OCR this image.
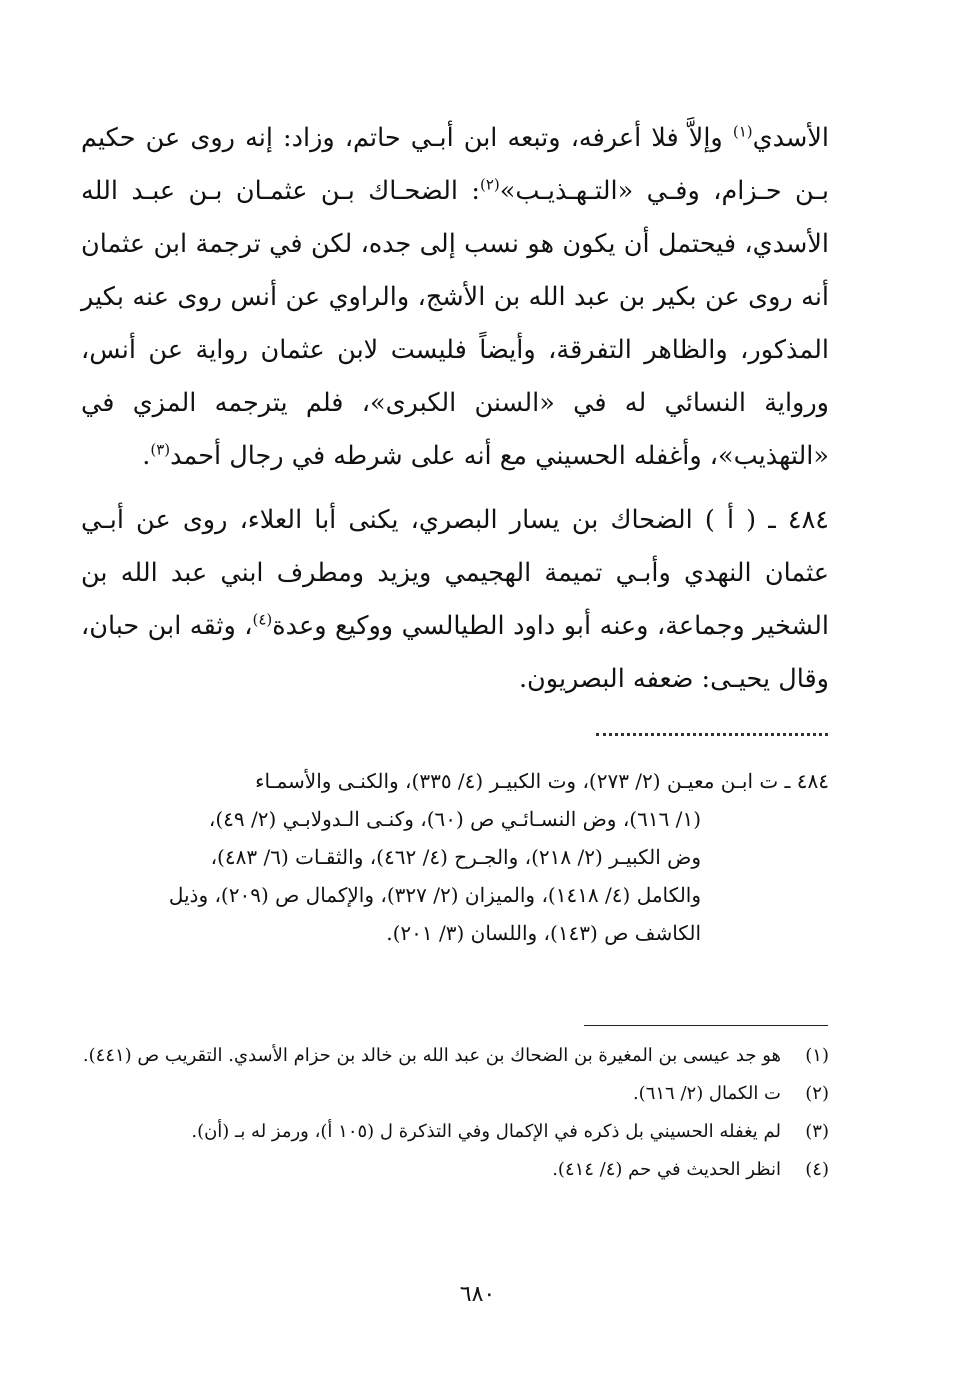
الأسدي$^{(١)}$ وإلاَّ فلا أعرفه، وتبعه ابن أبـي حاتم، وزاد: إنه روى عن حكيم بـن حـزام، وفـي «التـهـذيـب»$^{(٢)}$: الضحـاك بـن عثمـان بـن عبـد الله الأسدي، فيحتمل أن يكون هو نسب إلى جده، لكن في ترجمة ابن عثمان أنه روى عن بكير بن عبد الله بن الأشج، والراوي عن أنس روى عنه بكير المذكور، والظاهر التفرقة، وأيضاً فليست لابن عثمان رواية عن أنس، ورواية النسائي له في «السنن الكبرى»، فلم يترجمه المزي في «التهذيب»، وأغفله الحسيني مع أنه على شرطه في رجال أحمد$^{(٣)}$.

٤٨٤ ـ ( أ ) الضحاك بن يسار البصري، يكنى أبا العلاء، روى عن أبـي عثمان النهدي وأبـي تميمة الهجيمي ويزيد ومطرف ابني عبد الله بن الشخير وجماعة، وعنه أبو داود الطيالسي ووكيع وعدة$^{(٤)}$، وثقه ابن حبان، وقال يحيـى: ضعفه البصريون.

٤٨٤ ـ ت ابـن معيـن (٢/ ٢٧٣)، وت الكبيـر (٤/ ٣٣٥)، والكنـى والأسمـاء
(١/ ٦١٦)، وض النسـائـي ص (٦٠)، وكنـى الـدولابـي (٢/ ٤٩)،
وض الكبيـر (٢/ ٢١٨)، والجـرح (٤/ ٤٦٢)، والثقـات (٦/ ٤٨٣)،
والكامل (٤/ ١٤١٨)، والميزان (٢/ ٣٢٧)، والإكمال ص (٢٠٩)، وذيل
الكاشف ص (١٤٣)، واللسان (٣/ ٢٠١).
(١)
هو جد عيسى بن المغيرة بن الضحاك بن عبد الله بن خالد بن حزام الأسدي. التقريب ص (٤٤١).
(٢)
ت الكمال (٢/ ٦١٦).
(٣)
لم يغفله الحسيني بل ذكره في الإكمال وفي التذكرة ل (١٠٥ أ)، ورمز له بـ (أن).
(٤)
انظر الحديث في حم (٤/ ٤١٤).
٦٨٠
